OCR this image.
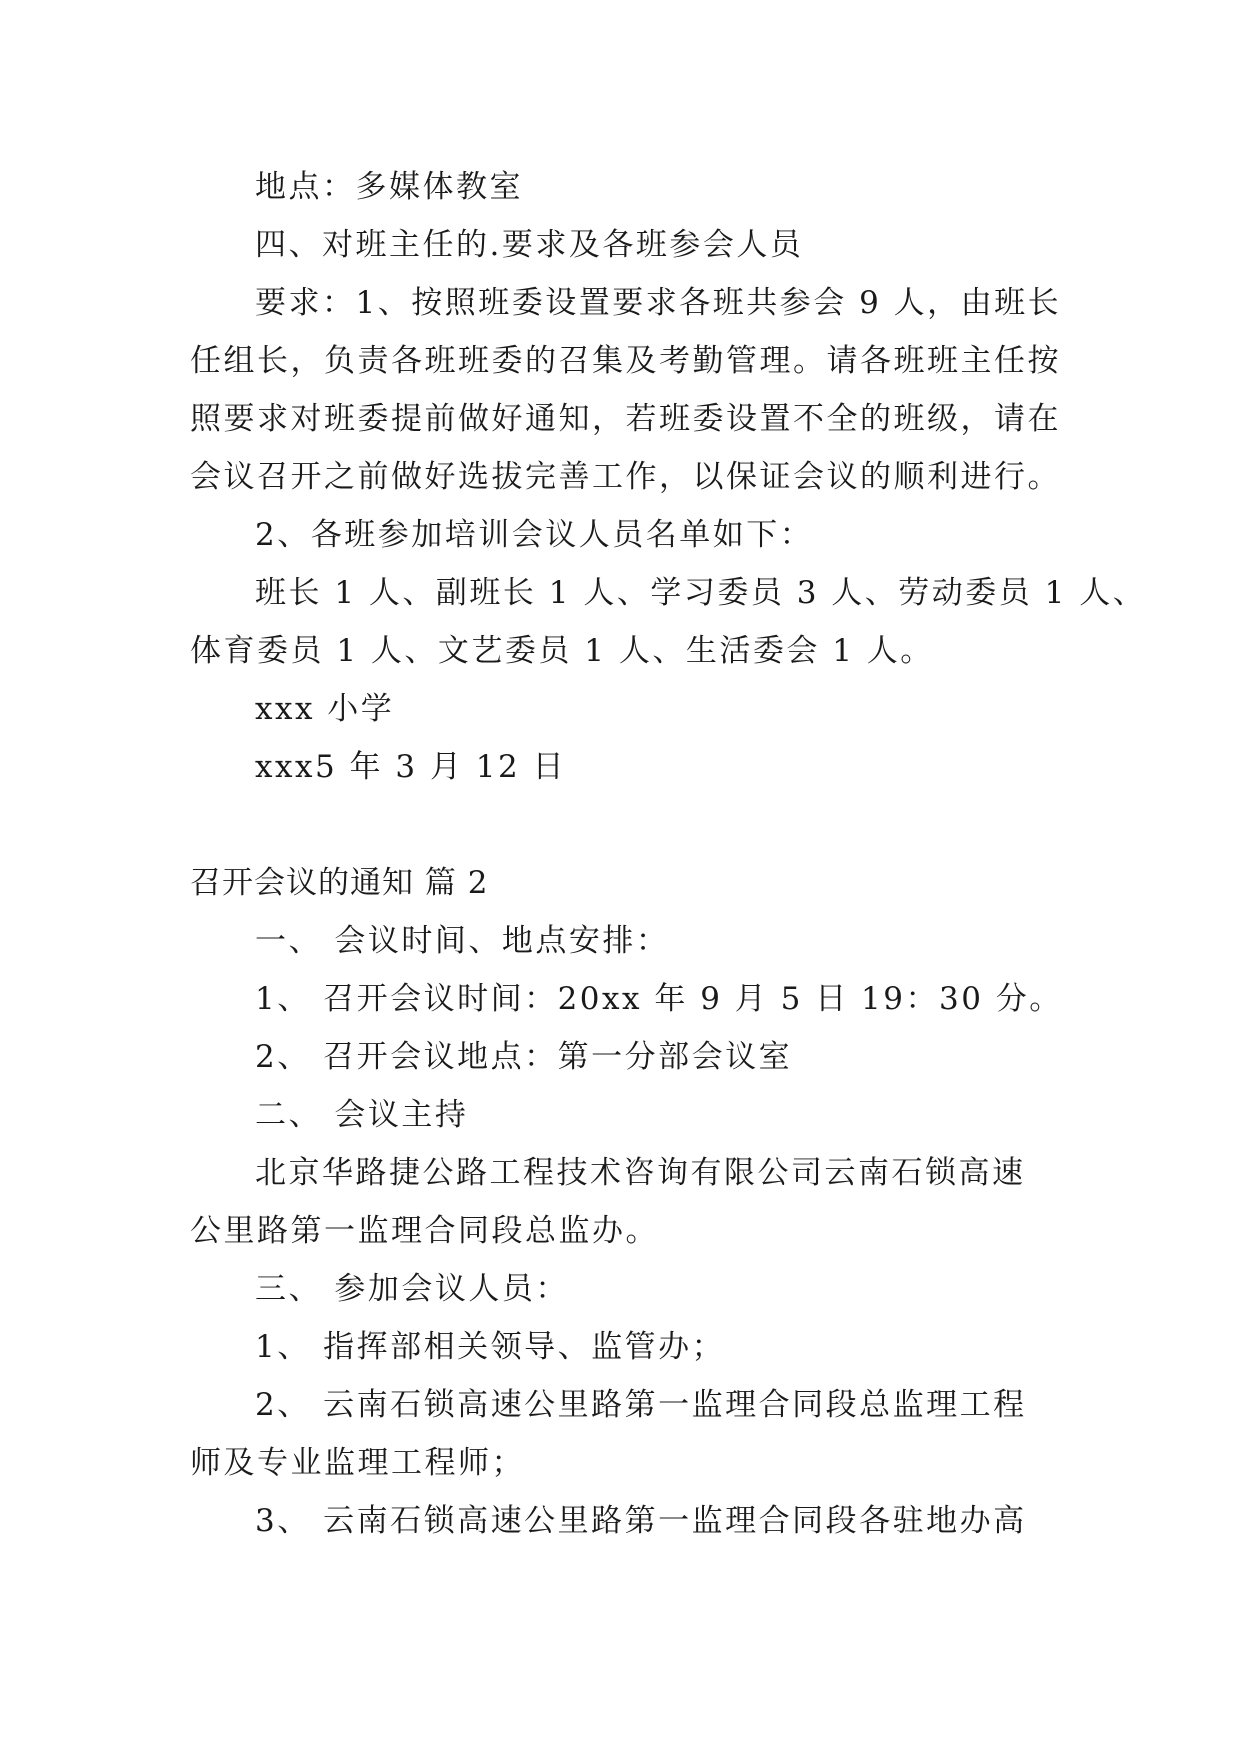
地点：多媒体教室
四、对班主任的.要求及各班参会人员
要求：1、按照班委设置要求各班共参会 9 人，由班长
任组长，负责各班班委的召集及考勤管理。请各班班主任按
照要求对班委提前做好通知，若班委设置不全的班级，请在
会议召开之前做好选拔完善工作，以保证会议的顺利进行。
2、各班参加培训会议人员名单如下：
班长 1 人、副班长 1 人、学习委员 3 人、劳动委员 1 人、
体育委员 1 人、文艺委员 1 人、生活委会 1 人。
xxx 小学
xxx5 年 3 月 12 日
召开会议的通知 篇 2
一、 会议时间、地点安排：
1、 召开会议时间：20xx 年 9 月 5 日 19：30 分。
2、 召开会议地点：第一分部会议室
二、 会议主持
北京华路捷公路工程技术咨询有限公司云南石锁高速
公里路第一监理合同段总监办。
三、 参加会议人员：
1、 指挥部相关领导、监管办；
2、 云南石锁高速公里路第一监理合同段总监理工程
师及专业监理工程师；
3、 云南石锁高速公里路第一监理合同段各驻地办高
